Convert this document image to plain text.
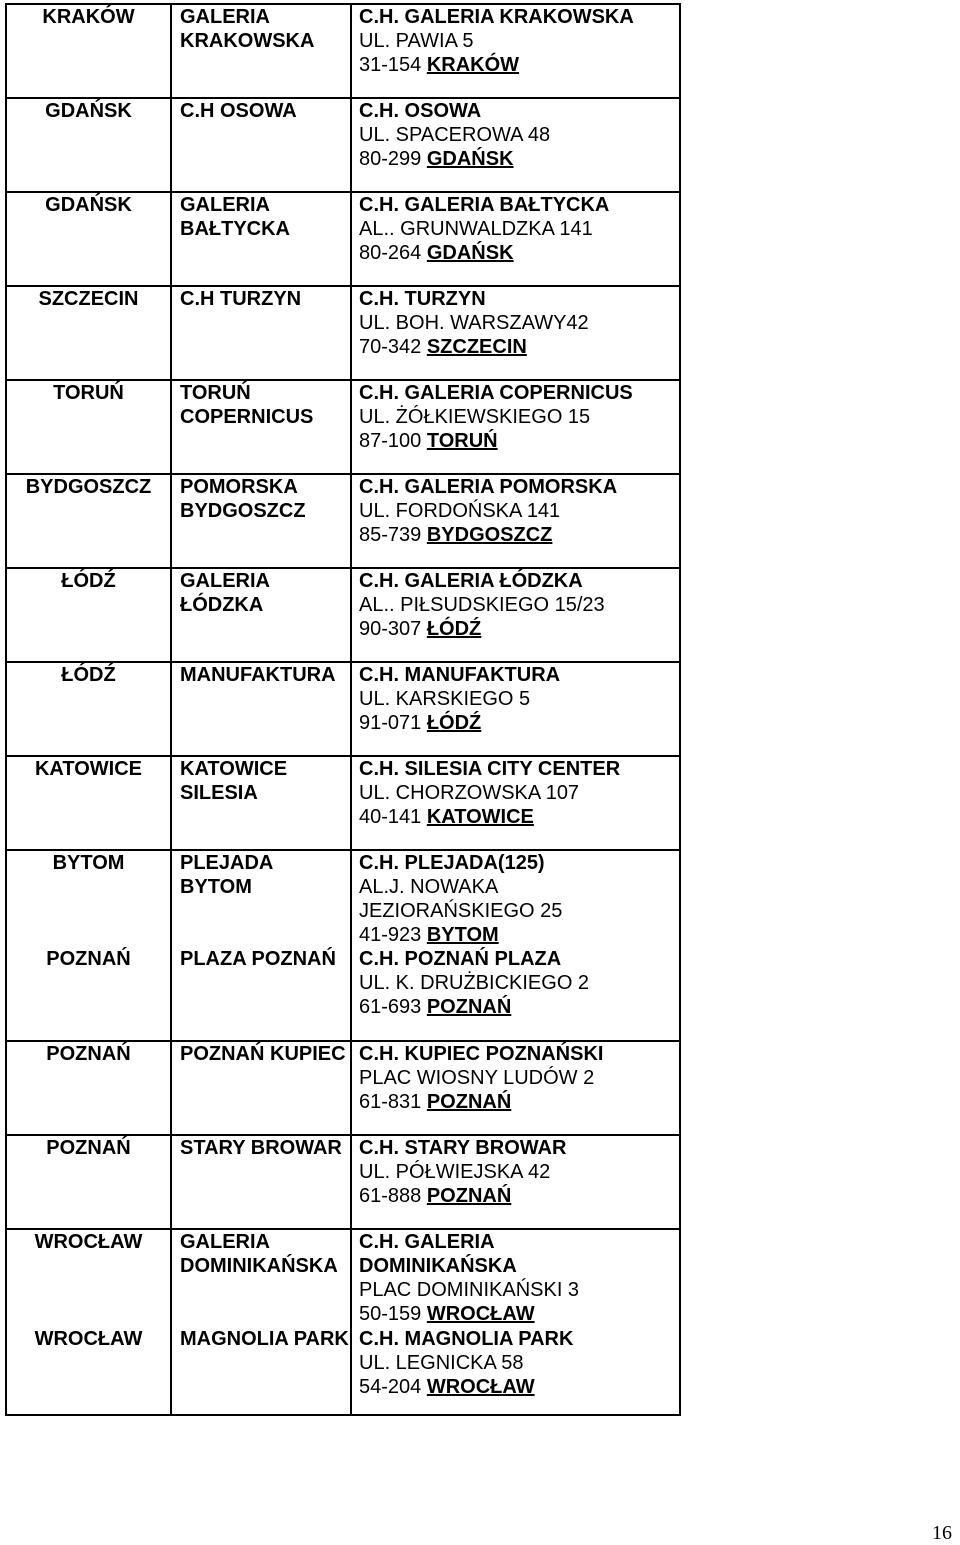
KRAKÓW	GALERIA KRAKOWSKA	C.H. GALERIA KRAKOWSKA
UL. PAWIA 5
31-154 KRAKÓW

GDAŃSK	C.H OSOWA	C.H. OSOWA
UL. SPACEROWA 48
80-299 GDAŃSK

GDAŃSK	GALERIA BAŁTYCKA	C.H. GALERIA BAŁTYCKA
AL.. GRUNWALDZKA 141
80-264 GDAŃSK

SZCZECIN	C.H TURZYN	C.H. TURZYN
UL. BOH. WARSZAWY42
70-342 SZCZECIN

TORUŃ	TORUŃ COPERNICUS	C.H. GALERIA COPERNICUS
UL. ŻÓŁKIEWSKIEGO 15
87-100 TORUŃ

BYDGOSZCZ	POMORSKA BYDGOSZCZ	C.H. GALERIA POMORSKA
UL. FORDOŃSKA 141
85-739 BYDGOSZCZ

ŁÓDŹ	GALERIA ŁÓDZKA	C.H. GALERIA ŁÓDZKA
AL.. PIŁSUDSKIEGO 15/23
90-307 ŁÓDŹ

ŁÓDŹ	MANUFAKTURA	C.H. MANUFAKTURA
UL. KARSKIEGO 5
91-071 ŁÓDŹ

KATOWICE	KATOWICE SILESIA	C.H. SILESIA CITY CENTER
UL. CHORZOWSKA 107
40-141 KATOWICE

BYTOM	PLEJADA BYTOM	C.H. PLEJADA(125)
AL.J. NOWAKA JEZIORAŃSKIEGO 25
41-923 BYTOM

POZNAŃ	PLAZA POZNAŃ	C.H. POZNAŃ PLAZA
UL. K. DRUŻBICKIEGO 2
61-693 POZNAŃ

POZNAŃ	POZNAŃ KUPIEC	C.H. KUPIEC POZNAŃSKI
PLAC WIOSNY LUDÓW 2
61-831 POZNAŃ

POZNAŃ	STARY BROWAR	C.H. STARY BROWAR
UL. PÓŁWIEJSKA 42
61-888 POZNAŃ

WROCŁAW	GALERIA DOMINIKAŃSKA	C.H. GALERIA DOMINIKAŃSKA
PLAC DOMINIKAŃSKI 3
50-159 WROCŁAW

WROCŁAW	MAGNOLIA PARK	C.H. MAGNOLIA PARK
UL. LEGNICKA 58
54-204 WROCŁAW
16
